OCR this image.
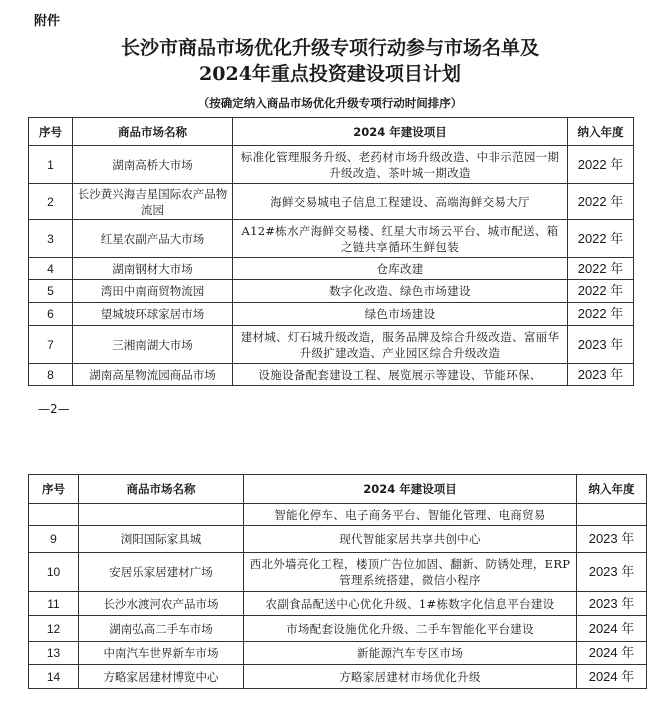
附件
长沙市商品市场优化升级专项行动参与市场名单及
2024年重点投资建设项目计划
（按确定纳入商品市场优化升级专项行动时间排序）
序号	商品市场名称	2024 年建设项目	纳入年度
1	湖南高桥大市场	标准化管理服务升级、老药材市场升级改造、中非示范园一期升级改造、茶叶城一期改造	2022 年
2	长沙黄兴海吉星国际农产品物流园	海鲜交易城电子信息工程建设、高端海鲜交易大厅	2022 年
3	红星农副产品大市场	A12#栋水产海鲜交易楼、红星大市场云平台、城市配送、箱之链共享循环生鲜包装	2022 年
4	湖南钢材大市场	仓库改建	2022 年
5	湾田中南商贸物流园	数字化改造、绿色市场建设	2022 年
6	望城坡环球家居市场	绿色市场建设	2022 年
7	三湘南湖大市场	建材城、灯石城升级改造，服务品牌及综合升级改造、富丽华升级扩建改造、产业园区综合升级改造	2023 年
8	湖南高星物流园商品市场	设施设备配套建设工程、展览展示等建设、节能环保、	2023 年
—2—
序号	商品市场名称	2024 年建设项目	纳入年度
		智能化停车、电子商务平台、智能化管理、电商贸易	
9	浏阳国际家具城	现代智能家居共享共创中心	2023 年
10	安居乐家居建材广场	西北外墙亮化工程，楼顶广告位加固、翻新、防锈处理，ERP 管理系统搭建，微信小程序	2023 年
11	长沙水渡河农产品市场	农副食品配送中心优化升级、1#栋数字化信息平台建设	2023 年
12	湖南弘高二手车市场	市场配套设施优化升级、二手车智能化平台建设	2024 年
13	中南汽车世界新车市场	新能源汽车专区市场	2024 年
14	方略家居建材博览中心	方略家居建材市场优化升级	2024 年
